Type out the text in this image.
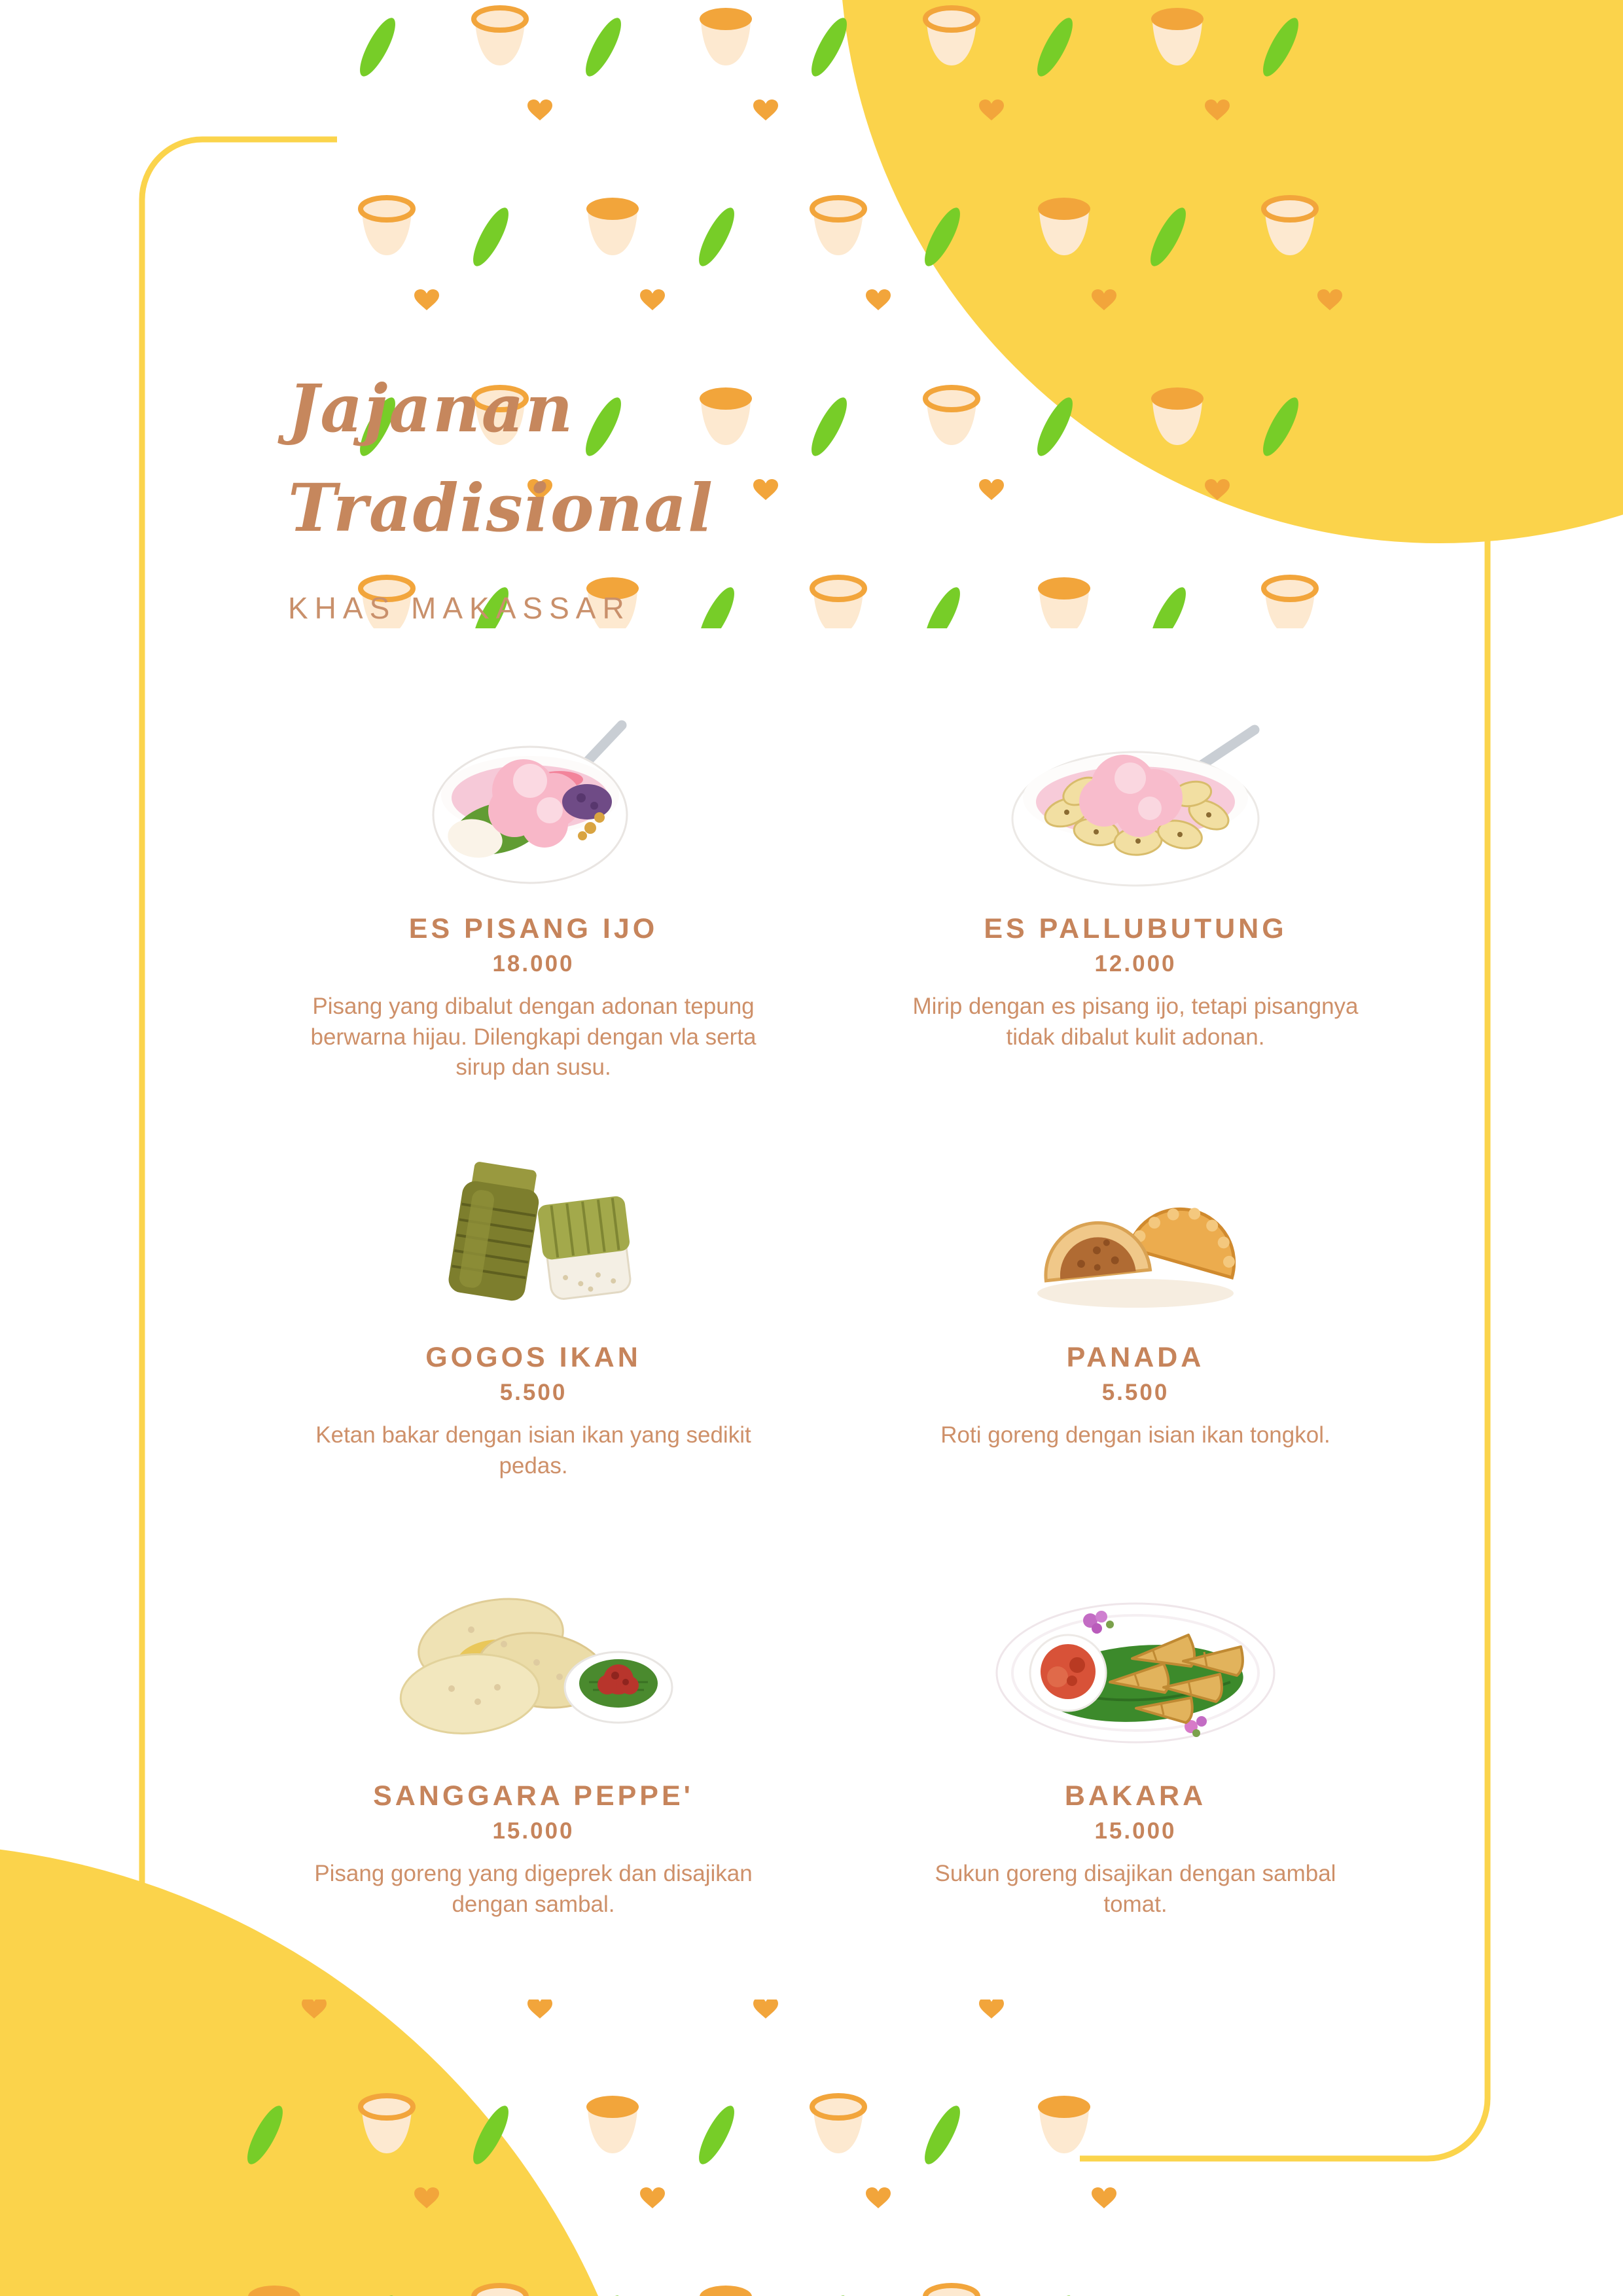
Jajanan
Tradisional
KHAS MAKASSAR
ES PISANG IJO
18.000
Pisang yang dibalut dengan adonan tepung berwarna hijau. Dilengkapi dengan vla serta sirup dan susu.
ES PALLUBUTUNG
12.000
Mirip dengan es pisang ijo, tetapi pisangnya tidak dibalut kulit adonan.
GOGOS IKAN
5.500
Ketan bakar dengan isian ikan yang sedikit pedas.
PANADA
5.500
Roti goreng dengan isian ikan tongkol.
SANGGARA PEPPE'
15.000
Pisang goreng yang digeprek dan disajikan dengan sambal.
BAKARA
15.000
Sukun goreng disajikan dengan sambal tomat.
